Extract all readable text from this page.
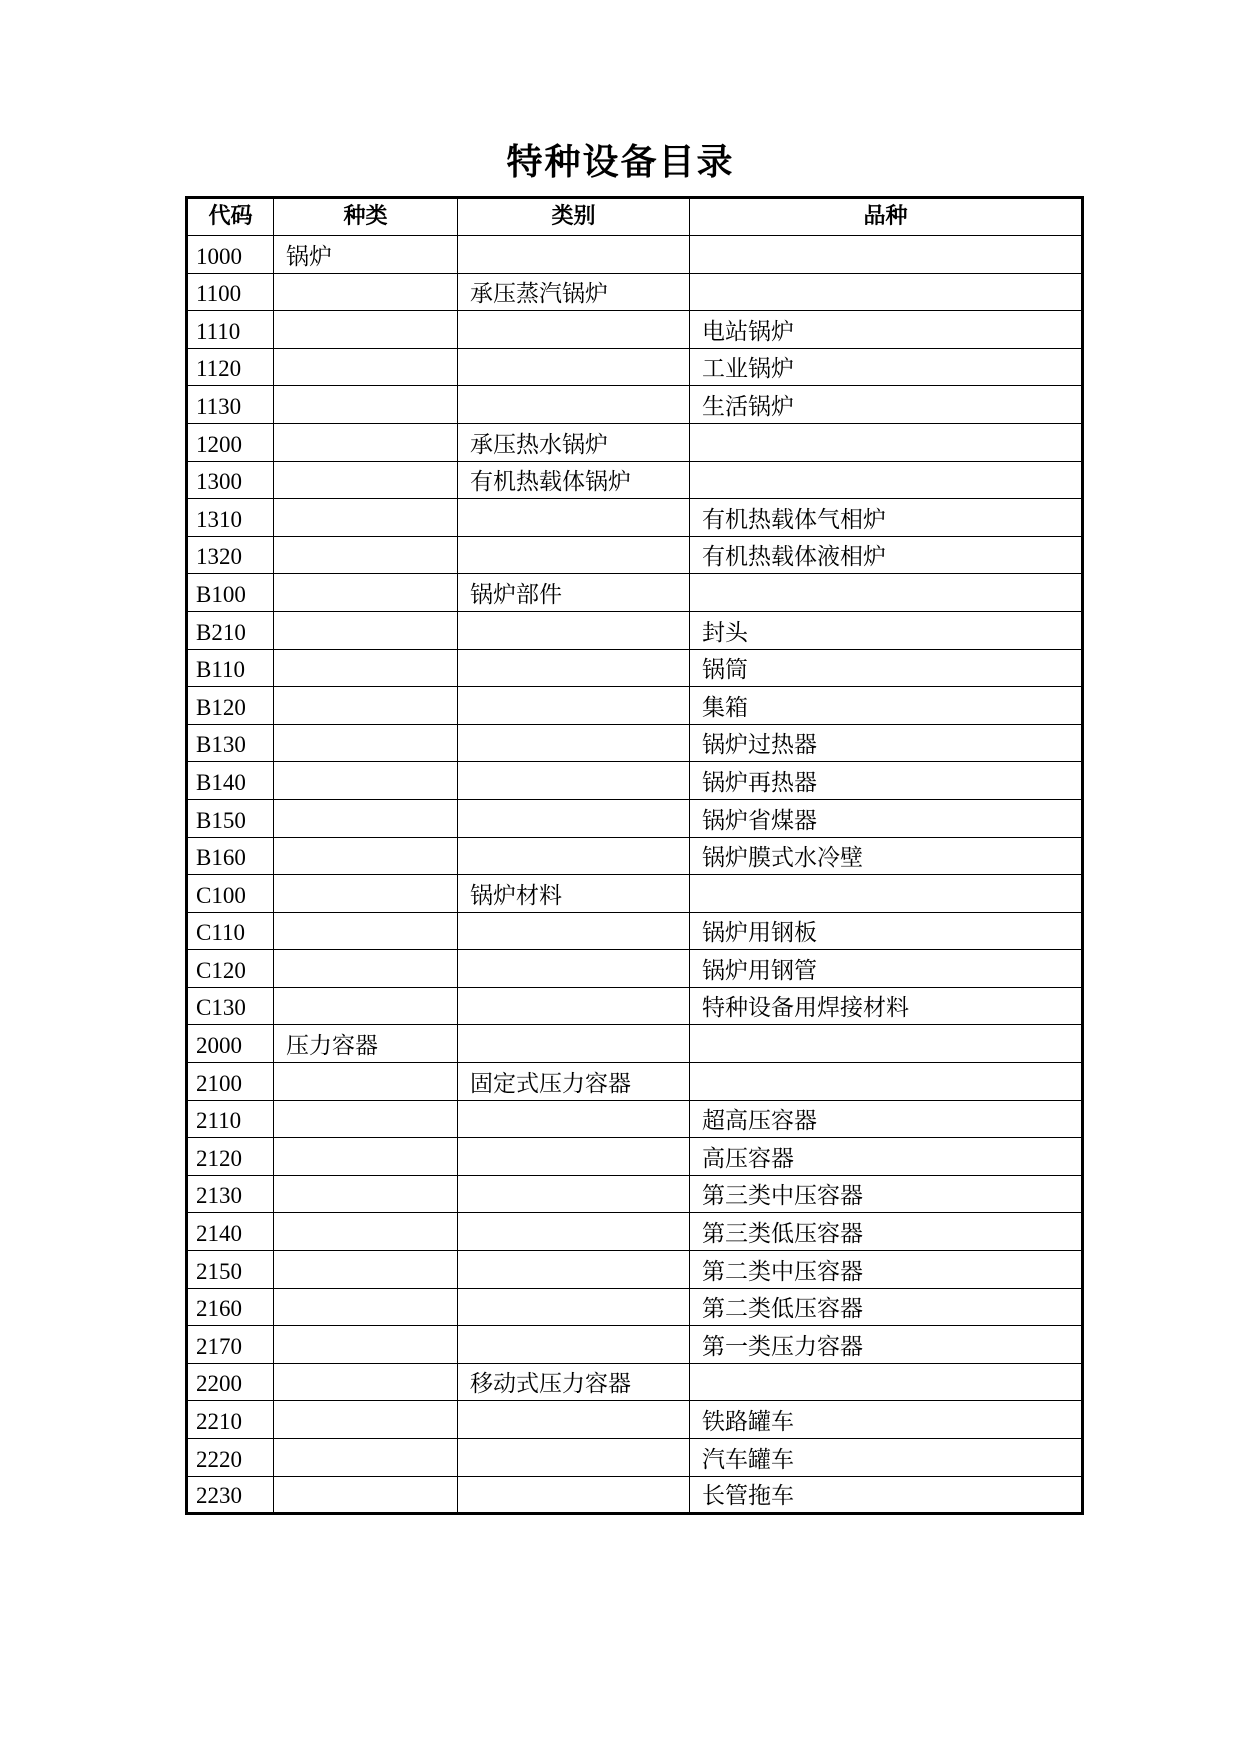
特种设备目录
代码	种类	类别	品种
1000	锅炉		
1100		承压蒸汽锅炉	
1110			电站锅炉
1120			工业锅炉
1130			生活锅炉
1200		承压热水锅炉	
1300		有机热载体锅炉	
1310			有机热载体气相炉
1320			有机热载体液相炉
B100		锅炉部件	
B210			封头
B110			锅筒
B120			集箱
B130			锅炉过热器
B140			锅炉再热器
B150			锅炉省煤器
B160			锅炉膜式水冷壁
C100		锅炉材料	
C110			锅炉用钢板
C120			锅炉用钢管
C130			特种设备用焊接材料
2000	压力容器		
2100		固定式压力容器	
2110			超高压容器
2120			高压容器
2130			第三类中压容器
2140			第三类低压容器
2150			第二类中压容器
2160			第二类低压容器
2170			第一类压力容器
2200		移动式压力容器	
2210			铁路罐车
2220			汽车罐车
2230			长管拖车
